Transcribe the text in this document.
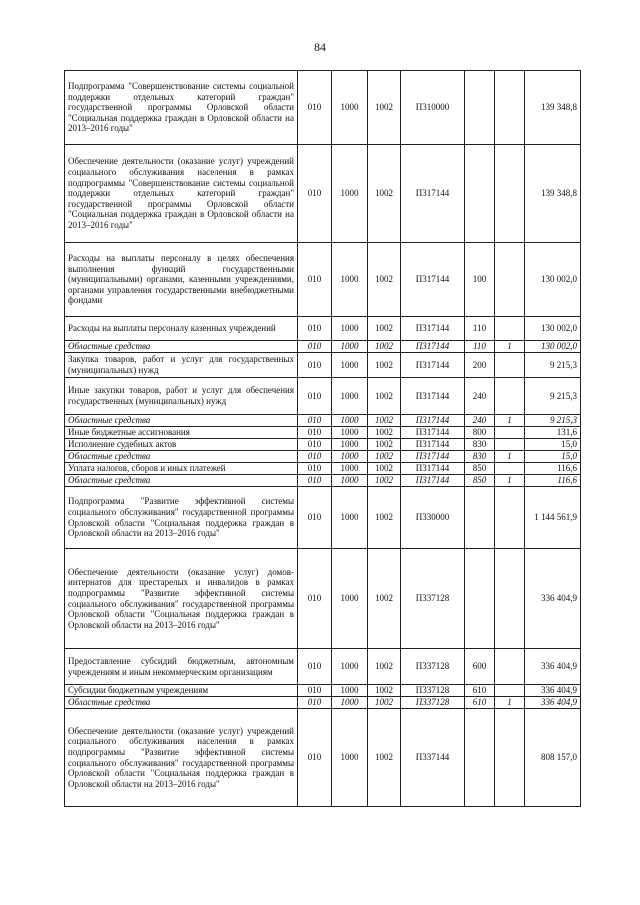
84
Подпрограмма "Совершенствование системы социальной поддержки отдельных категорий граждан" государственной программы Орловской области "Социальная поддержка граждан в Орловской области на 2013–2016 годы"	010	1000	1002	П310000			139 348,8
Обеспечение деятельности (оказание услуг) учреждений социального обслуживания населения в рамках подпрограммы "Совершенствование системы социальной поддержки отдельных категорий граждан" государственной программы Орловской области "Социальная поддержка граждан в Орловской области на 2013–2016 годы"	010	1000	1002	П317144			139 348,8
Расходы на выплаты персоналу в целях обеспечения выполнения функций государственными (муниципальными) органами, казенными учреждениями, органами управления государственными внебюджетными фондами	010	1000	1002	П317144	100		130 002,0
Расходы на выплаты персоналу казенных учреждений	010	1000	1002	П317144	110		130 002,0
Областные средства	010	1000	1002	П317144	110	1	130 002,0
Закупка товаров, работ и услуг для государственных (муниципальных) нужд	010	1000	1002	П317144	200		9 215,3
Иные закупки товаров, работ и услуг для обеспечения государственных (муниципальных) нужд	010	1000	1002	П317144	240		9 215,3
Областные средства	010	1000	1002	П317144	240	1	9 215,3
Иные бюджетные ассигнования	010	1000	1002	П317144	800		131,6
Исполнение судебных актов	010	1000	1002	П317144	830		15,0
Областные средства	010	1000	1002	П317144	830	1	15,0
Уплата налогов, сборов и иных платежей	010	1000	1002	П317144	850		116,6
Областные средства	010	1000	1002	П317144	850	1	116,6
Подпрограмма "Развитие эффективной системы социального обслуживания" государственной программы Орловской области "Социальная поддержка граждан в Орловской области на 2013–2016 годы"	010	1000	1002	П330000			1 144 561,9
Обеспечение деятельности (оказание услуг) домов-интернатов для престарелых и инвалидов в рамках подпрограммы "Развитие эффективной системы социального обслуживания" государственной программы Орловской области "Социальная поддержка граждан в Орловской области на 2013–2016 годы"	010	1000	1002	П337128			336 404,9
Предоставление субсидий бюджетным, автономным учреждениям и иным некоммерческим организациям	010	1000	1002	П337128	600		336 404,9
Субсидии бюджетным учреждениям	010	1000	1002	П337128	610		336 404,9
Областные средства	010	1000	1002	П337128	610	1	336 404,9
Обеспечение деятельности (оказание услуг) учреждений социального обслуживания населения в рамках подпрограммы "Развитие эффективной системы социального обслуживания" государственной программы Орловской области "Социальная поддержка граждан в Орловской области на 2013–2016 годы"	010	1000	1002	П337144			808 157,0
